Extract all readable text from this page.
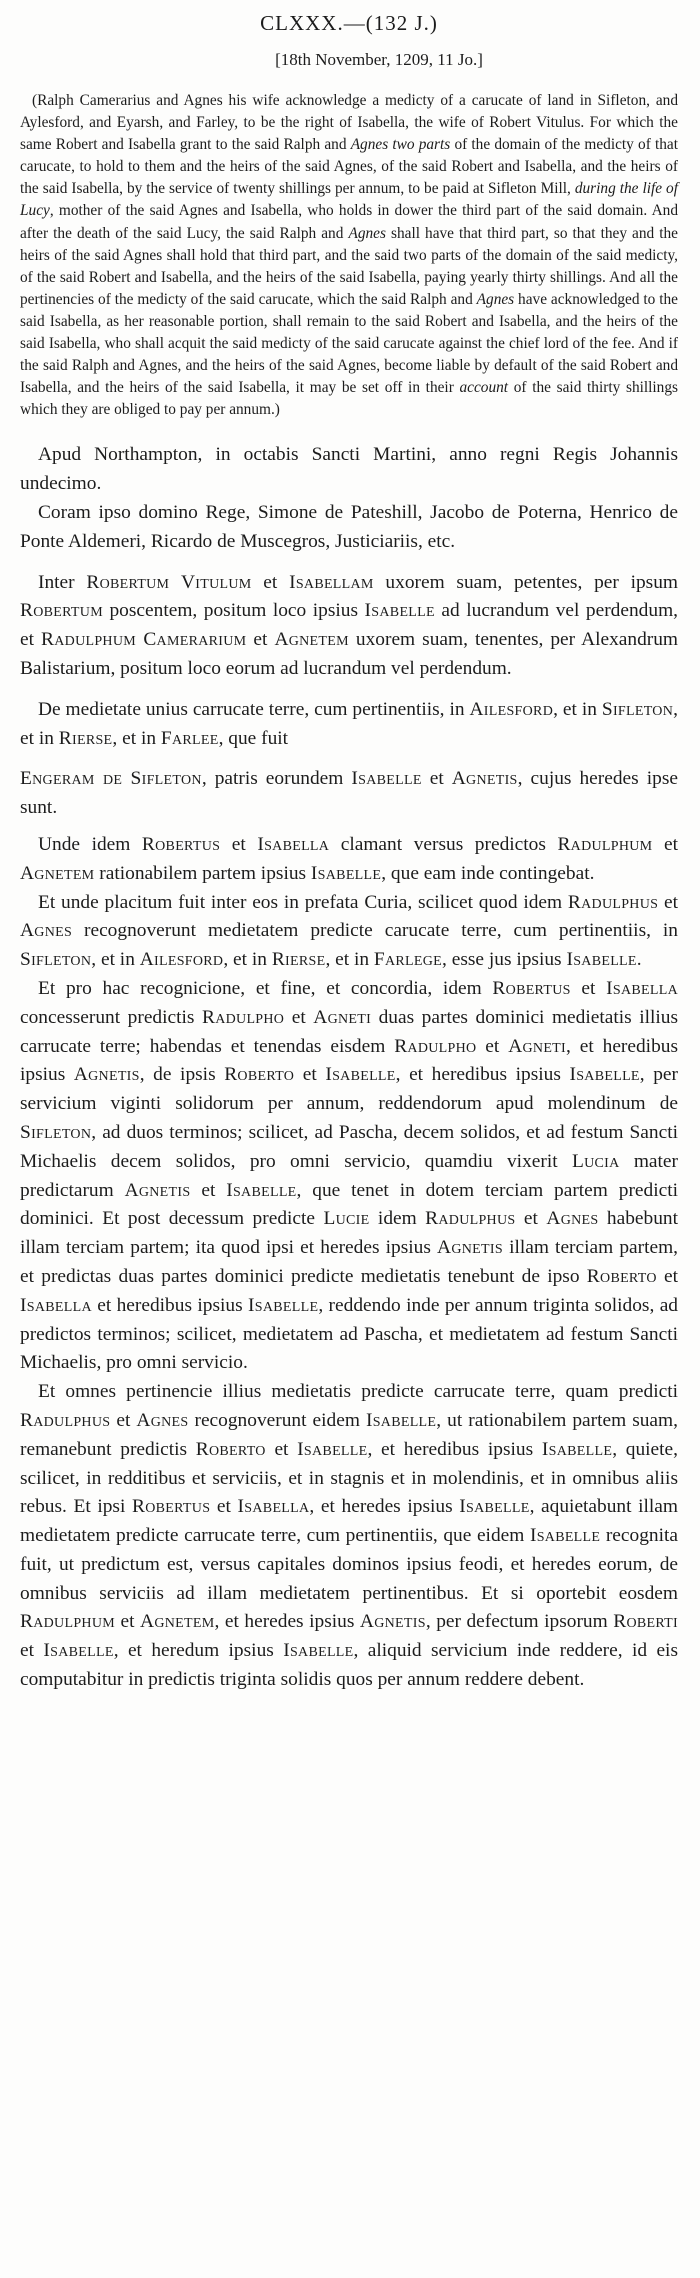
CLXXX.—(132 J.)
[18th November, 1209, 11 Jo.]

(Ralph Camerarius and Agnes his wife acknowledge a medicty of a carucate of land in Sifleton, and Aylesford, and Eyarsh, and Farley, to be the right of Isabella, the wife of Robert Vitulus. For which the same Robert and Isabella grant to the said Ralph and Agnes two parts of the domain of the medicty of that carucate, to hold to them and the heirs of the said Agnes, of the said Robert and Isabella, and the heirs of the said Isabella, by the service of twenty shillings per annum, to be paid at Sifleton Mill, during the life of Lucy, mother of the said Agnes and Isabella, who holds in dower the third part of the said domain. And after the death of the said Lucy, the said Ralph and Agnes shall have that third part, so that they and the heirs of the said Agnes shall hold that third part, and the said two parts of the domain of the said medicty, of the said Robert and Isabella, and the heirs of the said Isabella, paying yearly thirty shillings. And all the pertinencies of the medicty of the said carucate, which the said Ralph and Agnes have acknowledged to the said Isabella, as her reasonable portion, shall remain to the said Robert and Isabella, and the heirs of the said Isabella, who shall acquit the said medicty of the said carucate against the chief lord of the fee. And if the said Ralph and Agnes, and the heirs of the said Agnes, become liable by default of the said Robert and Isabella, and the heirs of the said Isabella, it may be set off in their account of the said thirty shillings which they are obliged to pay per annum.)

Apud Northampton, in octabis Sancti Martini, anno regni Regis Johannis undecimo.

Coram ipso domino Rege, Simone de Pateshill, Jacobo de Poterna, Henrico de Ponte Aldemeri, Ricardo de Muscegros, Justiciariis, etc.

Inter Robertum Vitulum et Isabellam uxorem suam, petentes, per ipsum Robertum poscentem, positum loco ipsius Isabelle ad lucrandum vel perdendum, et Radulphum Camerarium et Agnetem uxorem suam, tenentes, per Alexandrum Balistarium, positum loco eorum ad lucrandum vel perdendum.

De medietate unius carrucate terre, cum pertinentiis, in Ailesford, et in Sifleton, et in Rierse, et in Farlee, que fuit

Engeram de Sifleton, patris eorundem Isabelle et Agnetis, cujus heredes ipse sunt.

Unde idem Robertus et Isabella clamant versus predictos Radulphum et Agnetem rationabilem partem ipsius Isabelle, que eam inde contingebat.

Et unde placitum fuit inter eos in prefata Curia, scilicet quod idem Radulphus et Agnes recognoverunt medietatem predicte carucate terre, cum pertinentiis, in Sifleton, et in Ailesford, et in Rierse, et in Farlege, esse jus ipsius Isabelle.

Et pro hac recognicione, et fine, et concordia, idem Robertus et Isabella concesserunt predictis Radulpho et Agneti duas partes dominici medietatis illius carrucate terre; habendas et tenendas eisdem Radulpho et Agneti, et heredibus ipsius Agnetis, de ipsis Roberto et Isabelle, et heredibus ipsius Isabelle, per servicium viginti solidorum per annum, reddendorum apud molendinum de Sifleton, ad duos terminos; scilicet, ad Pascha, decem solidos, et ad festum Sancti Michaelis decem solidos, pro omni servicio, quamdiu vixerit Lucia mater predictarum Agnetis et Isabelle, que tenet in dotem terciam partem predicti dominici. Et post decessum predicte Lucie idem Radulphus et Agnes habebunt illam terciam partem; ita quod ipsi et heredes ipsius Agnetis illam terciam partem, et predictas duas partes dominici predicte medietatis tenebunt de ipso Roberto et Isabella et heredibus ipsius Isabelle, reddendo inde per annum triginta solidos, ad predictos terminos; scilicet, medietatem ad Pascha, et medietatem ad festum Sancti Michaelis, pro omni servicio.

Et omnes pertinencie illius medietatis predicte carrucate terre, quam predicti Radulphus et Agnes recognoverunt eidem Isabelle, ut rationabilem partem suam, remanebunt predictis Roberto et Isabelle, et heredibus ipsius Isabelle, quiete, scilicet, in redditibus et serviciis, et in stagnis et in molendinis, et in omnibus aliis rebus. Et ipsi Robertus et Isabella, et heredes ipsius Isabelle, aquietabunt illam medietatem predicte carrucate terre, cum pertinentiis, que eidem Isabelle recognita fuit, ut predictum est, versus capitales dominos ipsius feodi, et heredes eorum, de omnibus serviciis ad illam medietatem pertinentibus. Et si oportebit eosdem Radulphum et Agnetem, et heredes ipsius Agnetis, per defectum ipsorum Roberti et Isabelle, et heredum ipsius Isabelle, aliquid servicium inde reddere, id eis computabitur in predictis triginta solidis quos per annum reddere debent.
